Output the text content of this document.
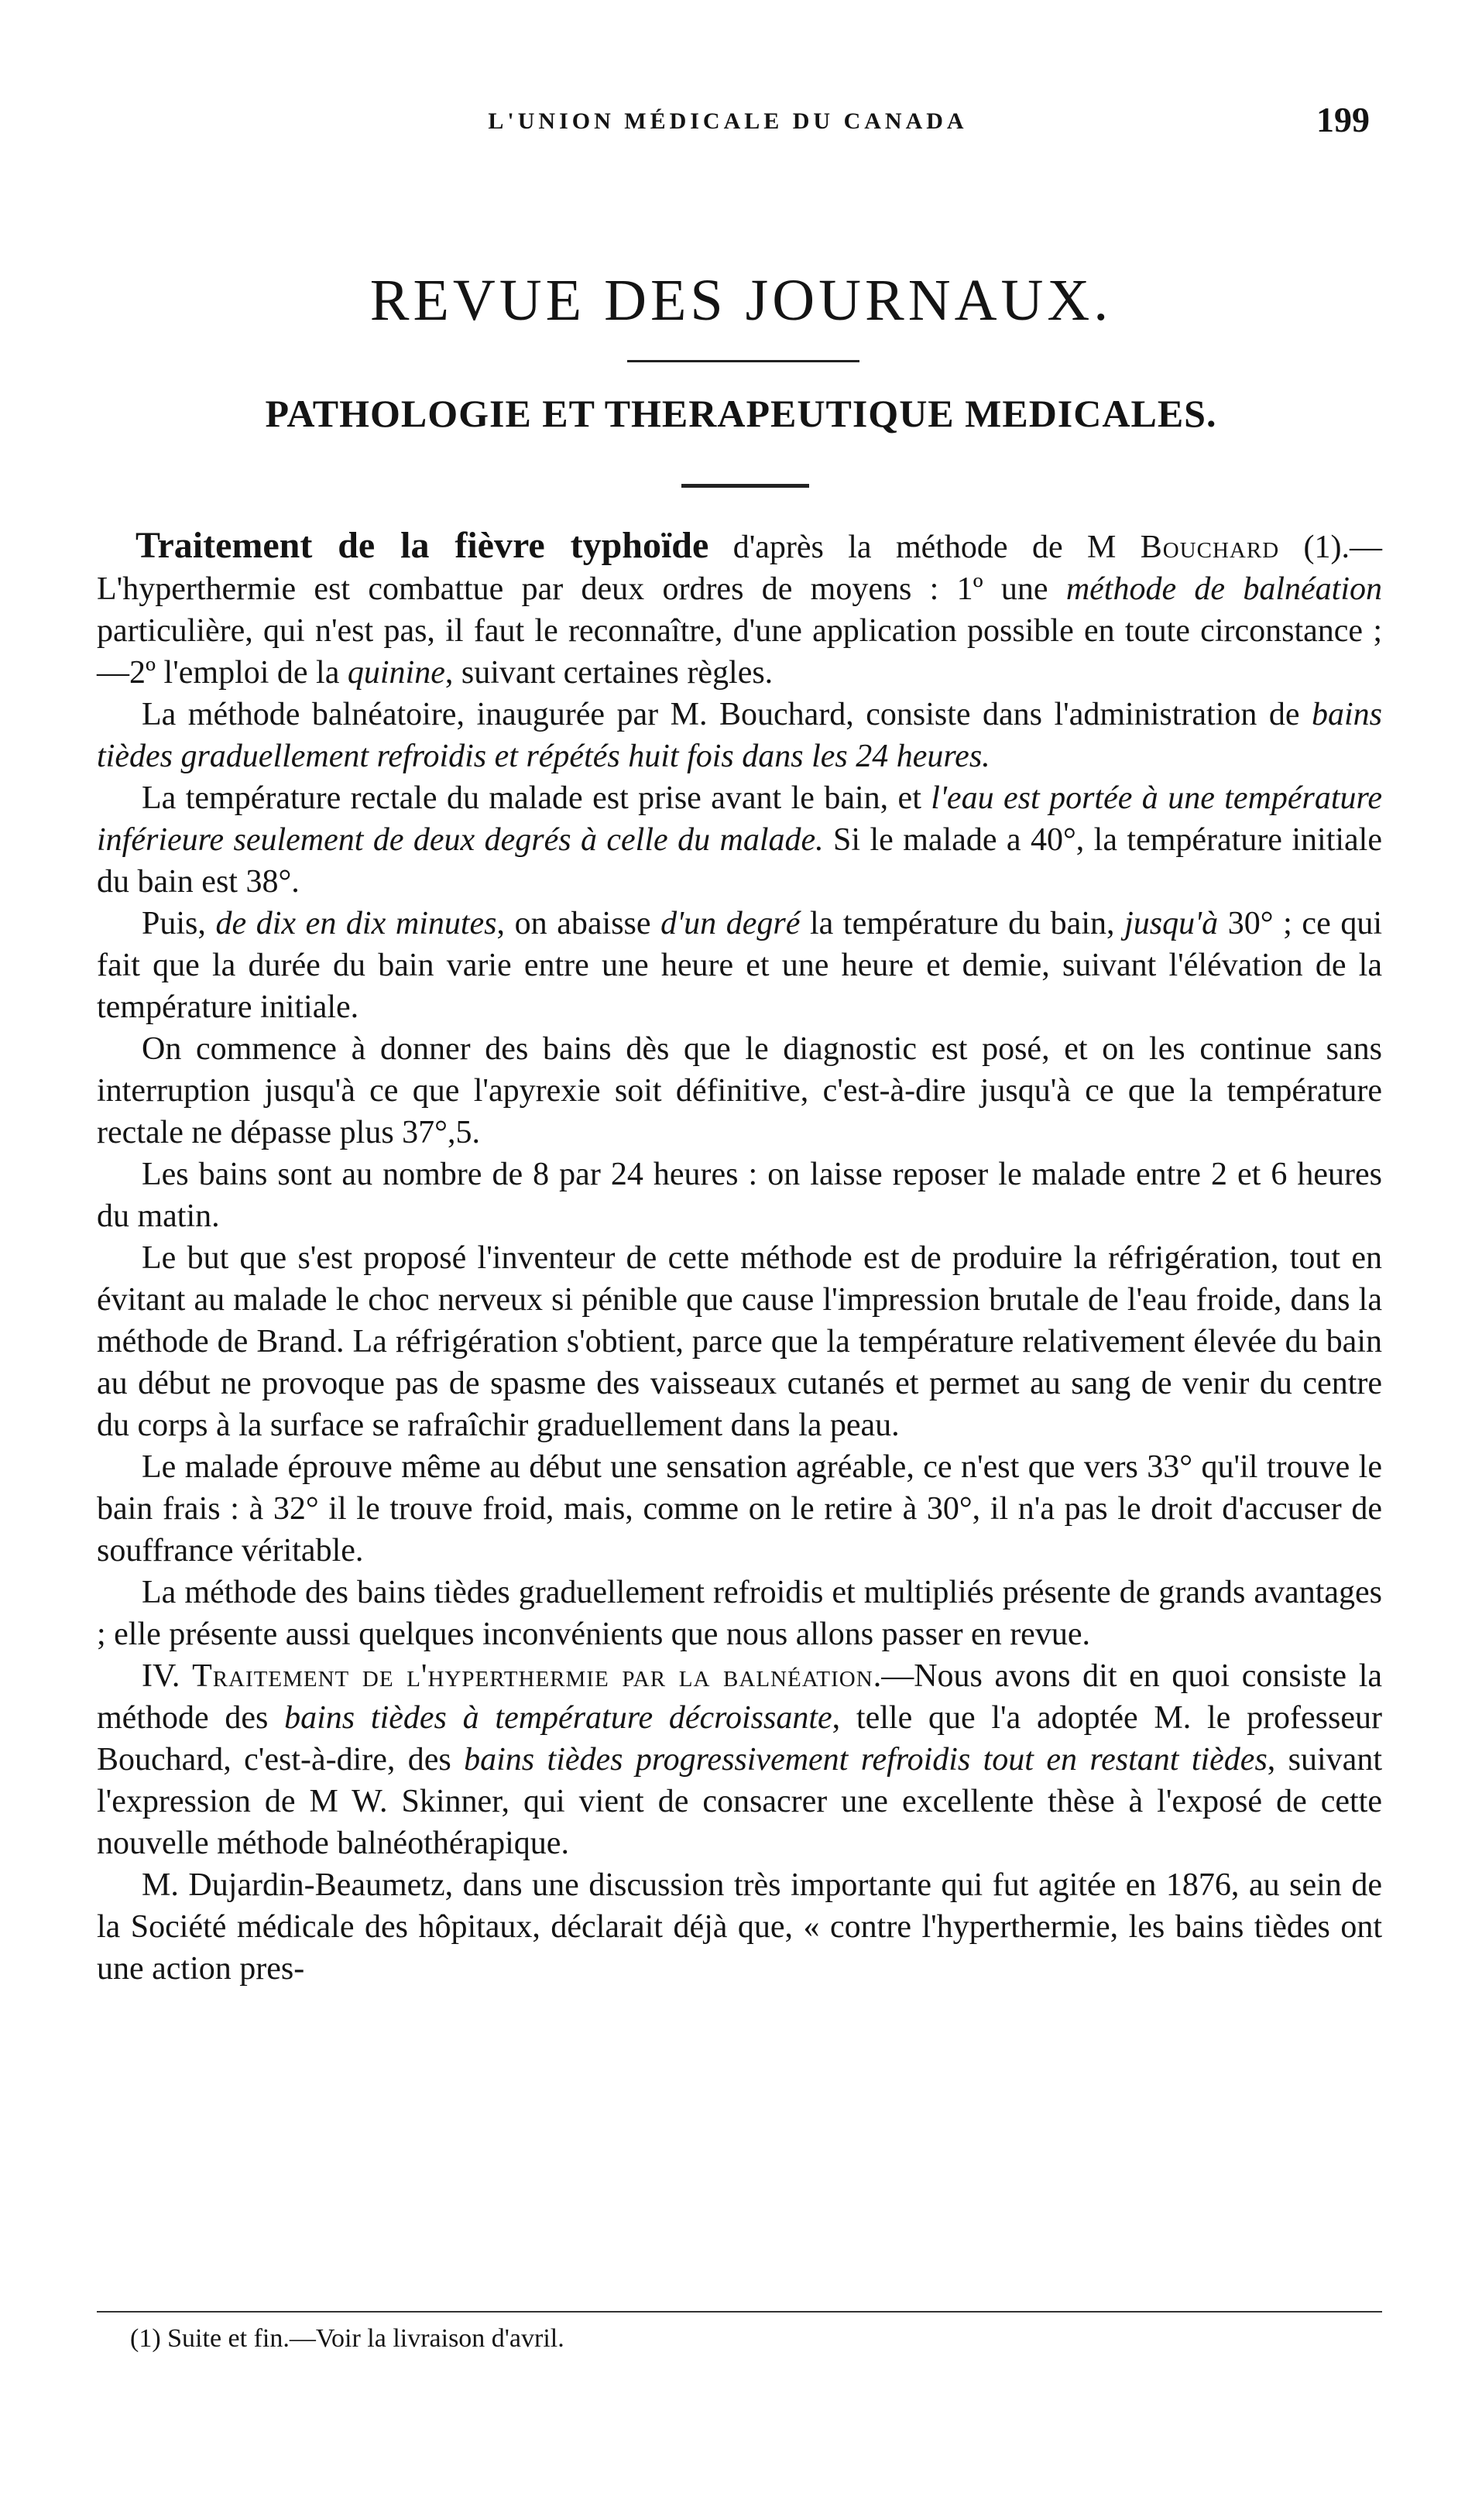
L'UNION MÉDICALE DU CANADA	199
REVUE DES JOURNAUX.
PATHOLOGIE ET THERAPEUTIQUE MEDICALES.

Traitement de la fièvre typhoïde d'après la méthode de M Bouchard (1).—L'hyperthermie est combattue par deux ordres de moyens : 1º une méthode de balnéation particulière, qui n'est pas, il faut le reconnaître, d'une application possible en toute circonstance ;—2º l'emploi de la quinine, suivant certaines règles.

La méthode balnéatoire, inaugurée par M. Bouchard, consiste dans l'administration de bains tièdes graduellement refroidis et répétés huit fois dans les 24 heures.

La température rectale du malade est prise avant le bain, et l'eau est portée à une température inférieure seulement de deux degrés à celle du malade. Si le malade a 40°, la température initiale du bain est 38°.

Puis, de dix en dix minutes, on abaisse d'un degré la température du bain, jusqu'à 30° ; ce qui fait que la durée du bain varie entre une heure et une heure et demie, suivant l'élévation de la température initiale.

On commence à donner des bains dès que le diagnostic est posé, et on les continue sans interruption jusqu'à ce que l'apyrexie soit définitive, c'est-à-dire jusqu'à ce que la température rectale ne dépasse plus 37°,5.

Les bains sont au nombre de 8 par 24 heures : on laisse reposer le malade entre 2 et 6 heures du matin.

Le but que s'est proposé l'inventeur de cette méthode est de produire la réfrigération, tout en évitant au malade le choc nerveux si pénible que cause l'impression brutale de l'eau froide, dans la méthode de Brand. La réfrigération s'obtient, parce que la température relativement élevée du bain au début ne provoque pas de spasme des vaisseaux cutanés et permet au sang de venir du centre du corps à la surface se rafraîchir graduellement dans la peau.

Le malade éprouve même au début une sensation agréable, ce n'est que vers 33° qu'il trouve le bain frais : à 32° il le trouve froid, mais, comme on le retire à 30°, il n'a pas le droit d'accuser de souffrance véritable.

La méthode des bains tièdes graduellement refroidis et multipliés présente de grands avantages ; elle présente aussi quelques inconvénients que nous allons passer en revue.

IV. Traitement de l'hyperthermie par la balnéation.—Nous avons dit en quoi consiste la méthode des bains tièdes à température décroissante, telle que l'a adoptée M. le professeur Bouchard, c'est-à-dire, des bains tièdes progressivement refroidis tout en restant tièdes, suivant l'expression de M W. Skinner, qui vient de consacrer une excellente thèse à l'exposé de cette nouvelle méthode balnéothérapique.

M. Dujardin-Beaumetz, dans une discussion très importante qui fut agitée en 1876, au sein de la Société médicale des hôpitaux, déclarait déjà que, « contre l'hyperthermie, les bains tièdes ont une action pres-

(1) Suite et fin.—Voir la livraison d'avril.
